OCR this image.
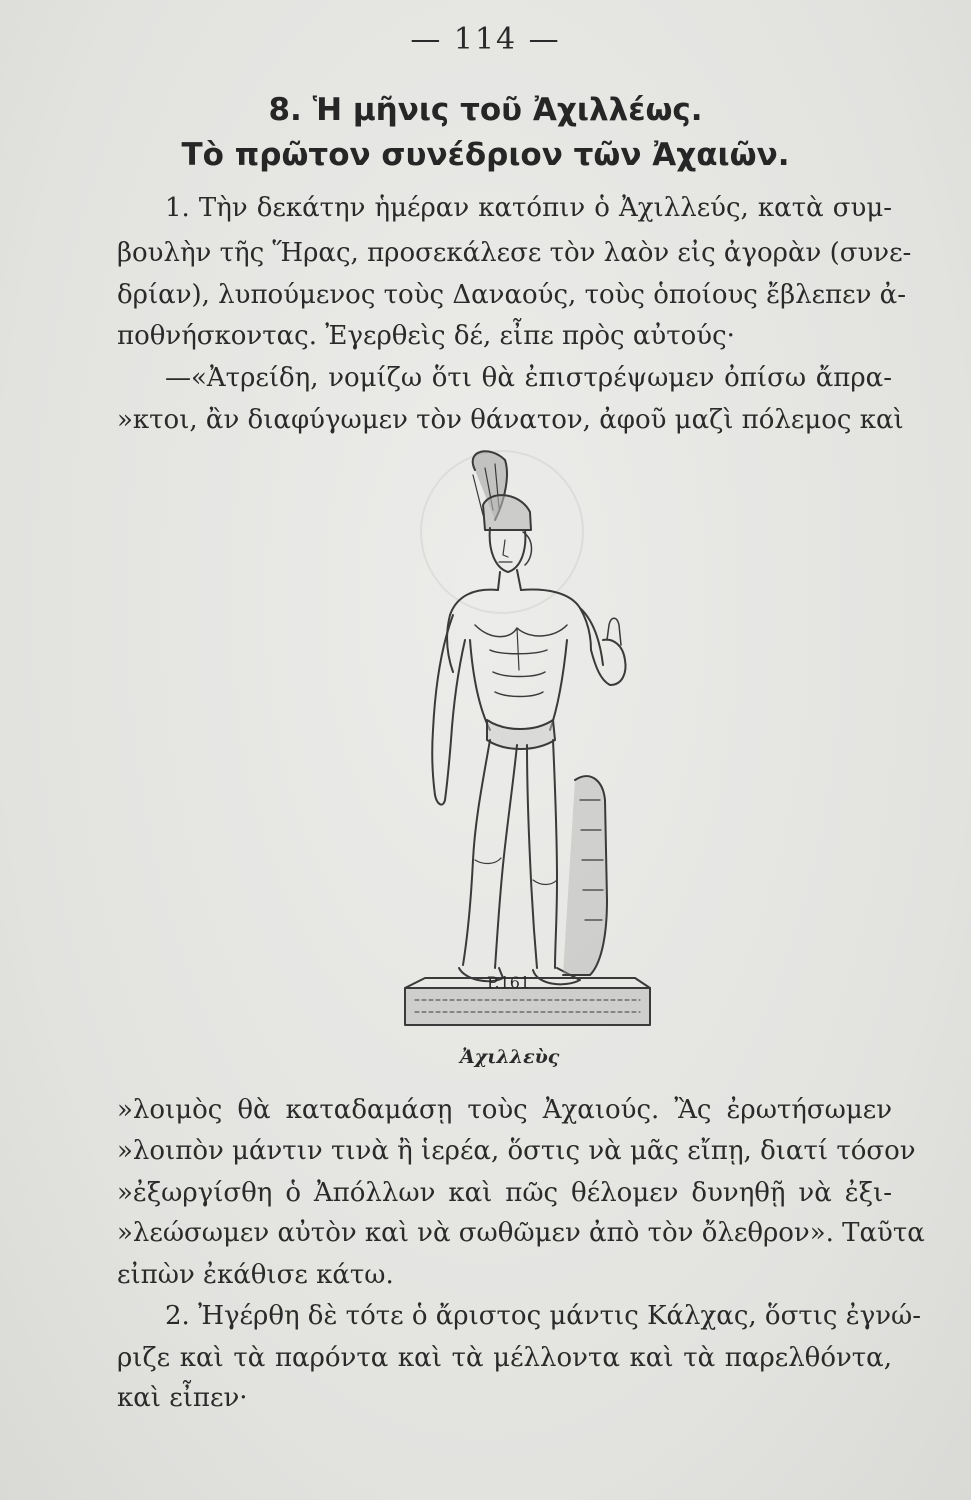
— 114 —
8. Ἡ μῆνις τοῦ Ἀχιλλέως.
Τὸ πρῶτον συνέδριον τῶν Ἀχαιῶν.
1. Τὴν δεκάτην ἡμέραν κατόπιν ὁ Ἀχιλλεύς, κατὰ συμ-
βουλὴν τῆς Ἥρας, προσεκάλεσε τὸν λαὸν εἰς ἀγορὰν (συνε-
δρίαν), λυπούμενος τοὺς Δαναούς, τοὺς ὁποίους ἔβλεπεν ἀ-
ποθνήσκοντας. Ἐγερθεὶς δέ, εἶπε πρὸς αὐτούς·
—«Ἀτρείδη, νομίζω ὅτι θὰ ἐπιστρέψωμεν ὀπίσω ἄπρα-
»κτοι, ἂν διαφύγωμεν τὸν θάνατον, ἀφοῦ μαζὶ πόλεμος καὶ
P.161
Ἀχιλλεὺς
»λοιμὸς θὰ καταδαμάσῃ τοὺς Ἀχαιούς. Ἂς ἐρωτήσωμεν
»λοιπὸν μάντιν τινὰ ἢ ἱερέα, ὅστις νὰ μᾶς εἴπῃ, διατί τόσον
»ἐξωργίσθη ὁ Ἀπόλλων καὶ πῶς θέλομεν δυνηθῇ νὰ ἐξι-
»λεώσωμεν αὐτὸν καὶ νὰ σωθῶμεν ἀπὸ τὸν ὄλεθρον». Ταῦτα
εἰπὼν ἐκάθισε κάτω.
2. Ἠγέρθη δὲ τότε ὁ ἄριστος μάντις Κάλχας, ὅστις ἐγνώ-
ριζε καὶ τὰ παρόντα καὶ τὰ μέλλοντα καὶ τὰ παρελθόντα,
καὶ εἶπεν·
